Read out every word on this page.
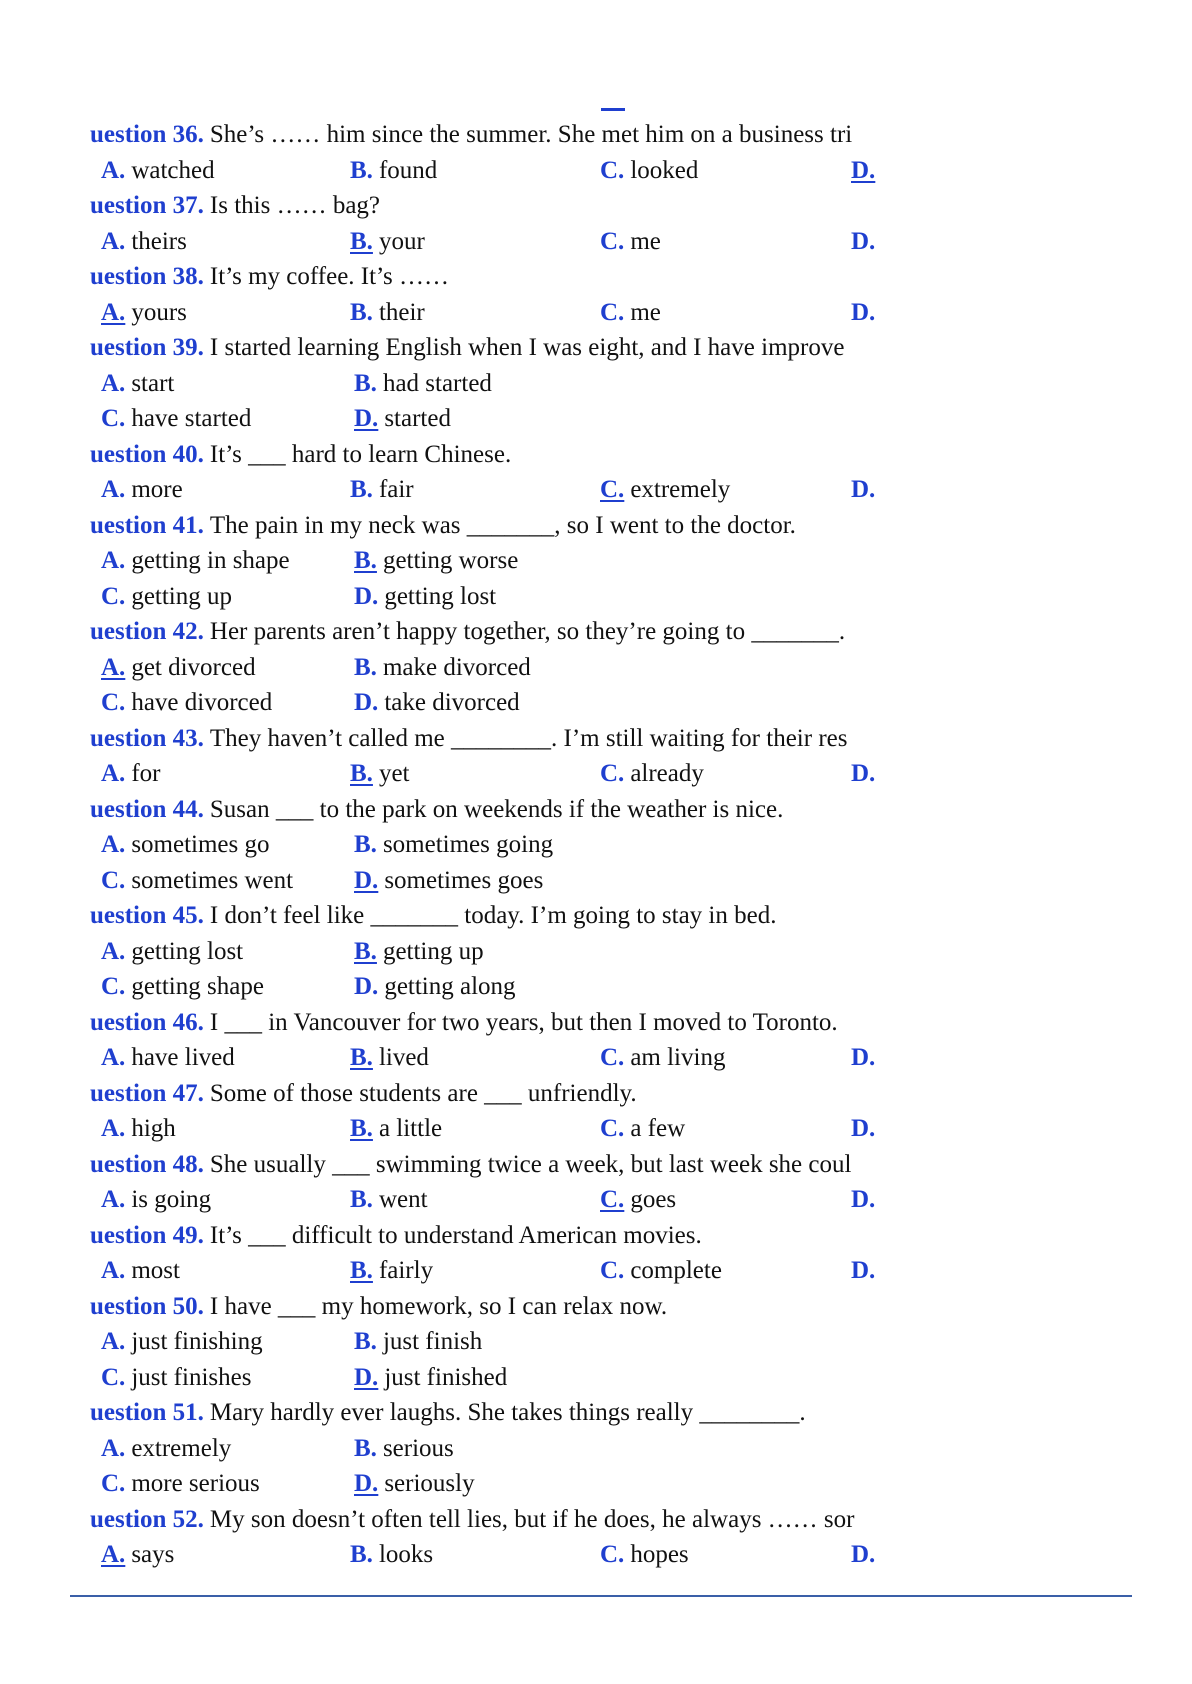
uestion 36. She’s …… him since the summer. She met him on a business tri
A. watched	B. found	C. looked	D.
uestion 37. Is this …… bag?
A. theirs	B. your	C. me	D.
uestion 38. It’s my coffee. It’s ……
A. yours	B. their	C. me	D.
uestion 39. I started learning English when I was eight, and I have improve
A. start	B. had started
C. have started	D. started
uestion 40. It’s ___ hard to learn Chinese.
A. more	B. fair	C. extremely	D.
uestion 41. The pain in my neck was _______, so I went to the doctor.
A. getting in shape	B. getting worse
C. getting up	D. getting lost
uestion 42. Her parents aren’t happy together, so they’re going to _______.
A. get divorced	B. make divorced
C. have divorced	D. take divorced
uestion 43. They haven’t called me ________. I’m still waiting for their res
A. for	B. yet	C. already	D.
uestion 44. Susan ___ to the park on weekends if the weather is nice.
A. sometimes go	B. sometimes going
C. sometimes went D. sometimes goes
uestion 45. I don’t feel like _______ today. I’m going to stay in bed.
A. getting lost	B. getting up
C. getting shape	D. getting along
uestion 46. I ___ in Vancouver for two years, but then I moved to Toronto.
A. have lived	B. lived	C. am living	D.
uestion 47. Some of those students are ___ unfriendly.
A. high	B. a little	C. a few	D.
uestion 48. She usually ___ swimming twice a week, but last week she coul
A. is going	B. went	C. goes	D.
uestion 49. It’s ___ difficult to understand American movies.
A. most	B. fairly	C. complete	D.
uestion 50. I have ___ my homework, so I can relax now.
A. just finishing	B. just finish
C. just finishes	D. just finished
uestion 51. Mary hardly ever laughs. She takes things really ________.
A. extremely	B. serious
C. more serious	D. seriously
uestion 52. My son doesn’t often tell lies, but if he does, he always …… sor
A. says	B. looks	C. hopes	D.
